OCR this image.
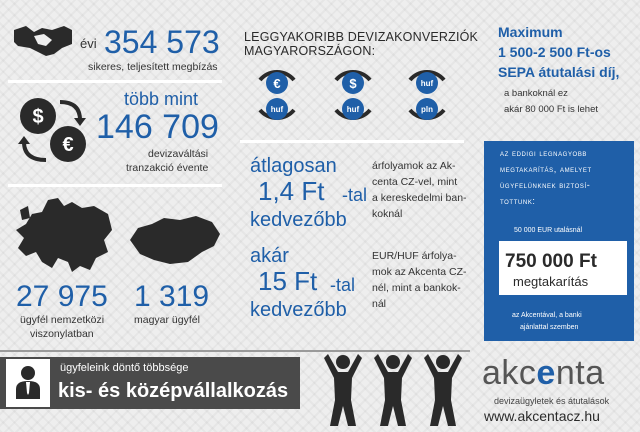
évi 354 573
sikeres, teljesített megbízás
$
€
több mint
146 709
devizaváltási
tranzakció évente
27 975
ügyfél nemzetközi
viszonylatban
1 319
magyar ügyfél
LEGGYAKORIBB DEVIZAKONVERZIÓK
MAGYARORSZÁGON:
€
huf
$
huf
huf
pln
átlagosan
1,4 Ft -tal
kedvezőbb
árfolyamok az Ak-
centa CZ-vel, mint
a kereskedelmi ban-
koknál
akár
15 Ft -tal
kedvezőbb
EUR/HUF árfolya-
mok az Akcenta CZ-
nél, mint a bankok-
nál
Maximum
1 500-2 500 Ft-os
SEPA átutalási díj,
a bankoknál ez
akár 80 000 Ft is lehet
az eddigi legnagyobb
megtakarítás, amelyet
ügyfelünknek biztosí-
tottunk:
50 000 EUR utalásnál
750 000 Ft
megtakarítás
az Akcentával, a banki
ajánlattal szemben
ügyfeleink döntő többsége
kis- és középvállalkozás	akcenta
devizaügyletek és átutalások
www.akcentacz.hu
